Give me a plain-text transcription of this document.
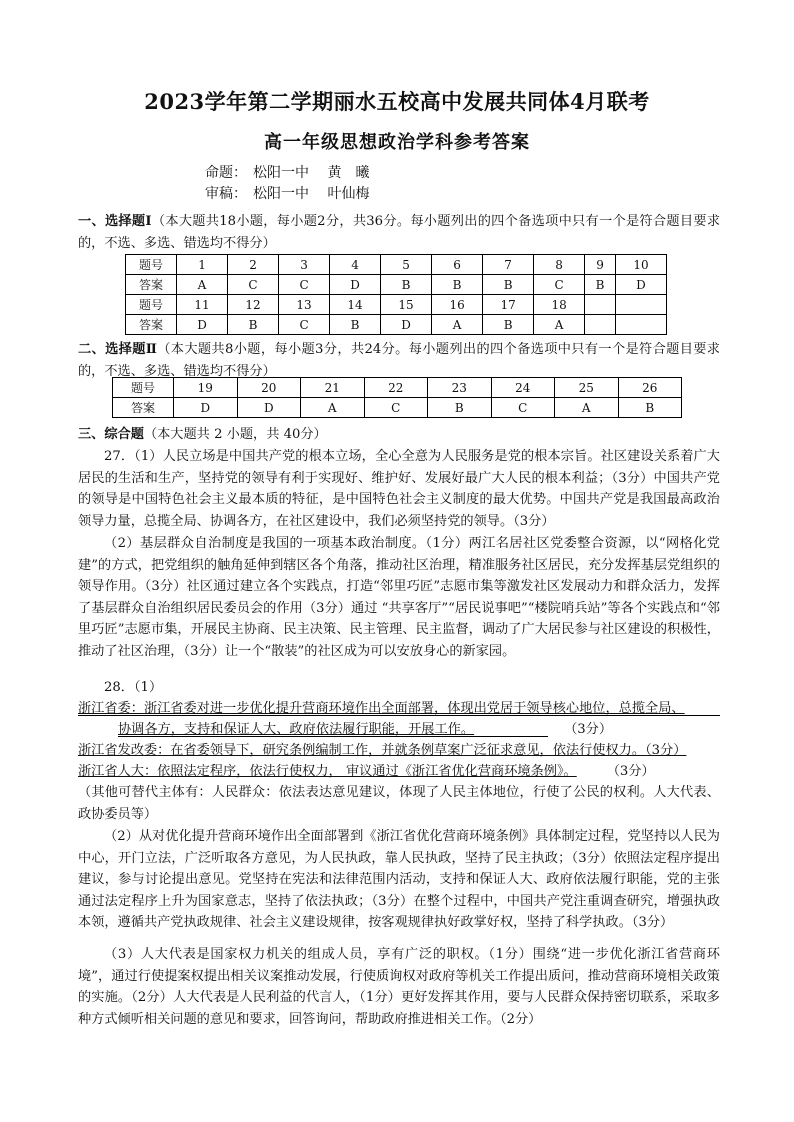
2023学年第二学期丽水五校高中发展共同体4月联考
高一年级思想政治学科参考答案
命题： 松阳一中 黄　曦
审稿： 松阳一中 叶仙梅
一、选择题Ⅰ（本大题共18小题，每小题2分，共36分。每小题列出的四个备选项中只有一个是符合题目要求的，不选、多选、错选均不得分）
题号	1	2	3	4	5	6	7	8	9	10
答案	A	C	C	D	B	B	B	C	B	D
题号	11	12	13	14	15	16	17	18		
答案	D	B	C	B	D	A	B	A		
二、选择题Ⅱ（本大题共8小题，每小题3分，共24分。每小题列出的四个备选项中只有一个是符合题目要求的，不选、多选、错选均不得分）
题号	19	20	21	22	23	24	25	26
答案	D	D	A	C	B	C	A	B
三、综合题（本大题共 2 小题，共 40分）
27．（1）人民立场是中国共产党的根本立场，全心全意为人民服务是党的根本宗旨。社区建设关系着广大居民的生活和生产，坚持党的领导有利于实现好、维护好、发展好最广大人民的根本利益；（3分）中国共产党的领导是中国特色社会主义最本质的特征，是中国特色社会主义制度的最大优势。中国共产党是我国最高政治领导力量，总揽全局、协调各方，在社区建设中，我们必须坚持党的领导。（3分）
（2）基层群众自治制度是我国的一项基本政治制度。（1分）两江名居社区党委整合资源，以“网格化党建”的方式，把党组织的触角延伸到辖区各个角落，推动社区治理，精准服务社区居民，充分发挥基层党组织的领导作用。（3分）社区通过建立各个实践点，打造“邻里巧匠”志愿市集等激发社区发展动力和群众活力，发挥了基层群众自治组织居民委员会的作用（3分）通过 “共享客厅”“居民说事吧”“楼院哨兵站”等各个实践点和“邻里巧匠”志愿市集，开展民主协商、民主决策、民主管理、民主监督，调动了广大居民参与社区建设的积极性，推动了社区治理，（3分）让一个“散装”的社区成为可以安放身心的新家园。
28．（1）
浙江省委：浙江省委对进一步优化提升营商环境作出全面部署，体现出党居于领导核心地位，总揽全局、
协调各方，支持和保证人大、政府依法履行职能，开展工作。	（3分）
浙江省发改委：在省委领导下，研究条例编制工作，并就条例草案广泛征求意见，依法行使权力。（3分）
浙江省人大：依照法定程序，依法行使权力， 审议通过《浙江省优化营商环境条例》。 （3分）
（其他可替代主体有：人民群众：依法表达意见建议，体现了人民主体地位，行使了公民的权利。人大代表、政协委员等）
（2）从对优化提升营商环境作出全面部署到《浙江省优化营商环境条例》具体制定过程，党坚持以人民为中心，开门立法，广泛听取各方意见，为人民执政，靠人民执政，坚持了民主执政；（3分）依照法定程序提出建议，参与讨论提出意见。党坚持在宪法和法律范围内活动，支持和保证人大、政府依法履行职能，党的主张通过法定程序上升为国家意志，坚持了依法执政；（3分）在整个过程中，中国共产党注重调查研究，增强执政本领，遵循共产党执政规律、社会主义建设规律，按客观规律执好政掌好权，坚持了科学执政。（3分）
（3）人大代表是国家权力机关的组成人员，享有广泛的职权。（1分）围绕“进一步优化浙江省营商环境”，通过行使提案权提出相关议案推动发展，行使质询权对政府等机关工作提出质问，推动营商环境相关政策的实施。（2分）人大代表是人民利益的代言人，（1分）更好发挥其作用，要与人民群众保持密切联系，采取多种方式倾听相关问题的意见和要求，回答询问，帮助政府推进相关工作。（2分）
